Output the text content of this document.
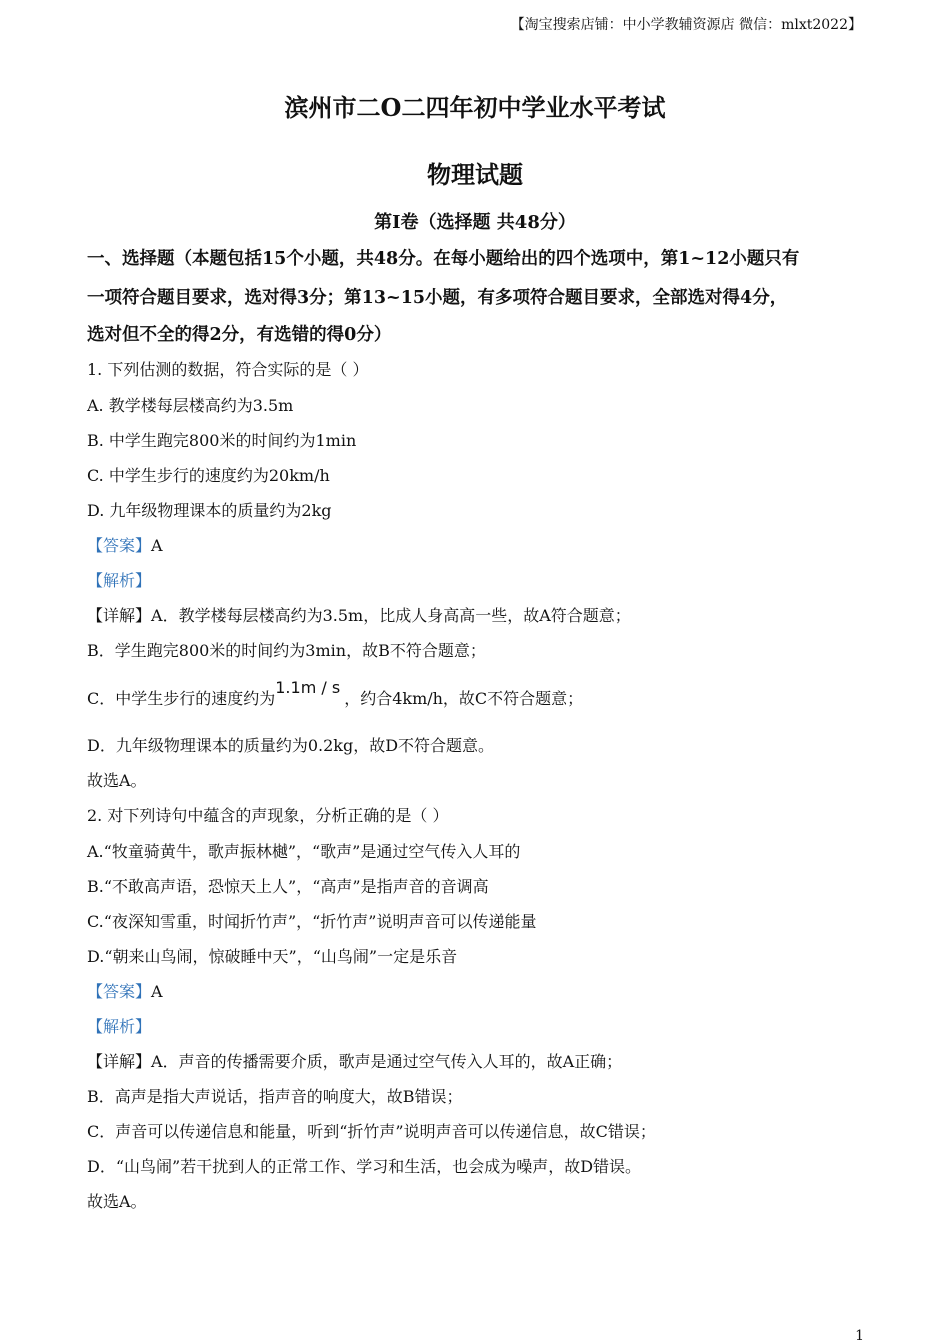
【淘宝搜索店铺：中小学教辅资源店 微信：mlxt2022】
滨州市二O二四年初中学业水平考试
物理试题
第Ⅰ卷（选择题 共48分）
一、选择题（本题包括15个小题，共48分。在每小题给出的四个选项中，第1~12小题只有
一项符合题目要求，选对得3分；第13~15小题，有多项符合题目要求，全部选对得4分，
选对但不全的得2分，有选错的得0分）
1. 下列估测的数据，符合实际的是（ ）
A. 教学楼每层楼高约为3.5m
B. 中学生跑完800米的时间约为1min
C. 中学生步行的速度约为20km/h
D. 九年级物理课本的质量约为2kg
【答案】A
【解析】
【详解】A．教学楼每层楼高约为3.5m，比成人身高高一些，故A符合题意；
B．学生跑完800米的时间约为3min，故B不符合题意；
C．中学生步行的速度约为1.1m / s，约合4km/h，故C不符合题意；
D．九年级物理课本的质量约为0.2kg，故D不符合题意。
故选A。
2. 对下列诗句中蕴含的声现象，分析正确的是（ ）
A.“牧童骑黄牛，歌声振林樾”，“歌声”是通过空气传入人耳的
B.“不敢高声语，恐惊天上人”，“高声”是指声音的音调高
C.“夜深知雪重，时闻折竹声”，“折竹声”说明声音可以传递能量
D.“朝来山鸟闹，惊破睡中天”，“山鸟闹”一定是乐音
【答案】A
【解析】
【详解】A．声音的传播需要介质，歌声是通过空气传入人耳的，故A正确；
B．高声是指大声说话，指声音的响度大，故B错误；
C．声音可以传递信息和能量，听到“折竹声”说明声音可以传递信息，故C错误；
D．“山鸟闹”若干扰到人的正常工作、学习和生活，也会成为噪声，故D错误。
故选A。
1
